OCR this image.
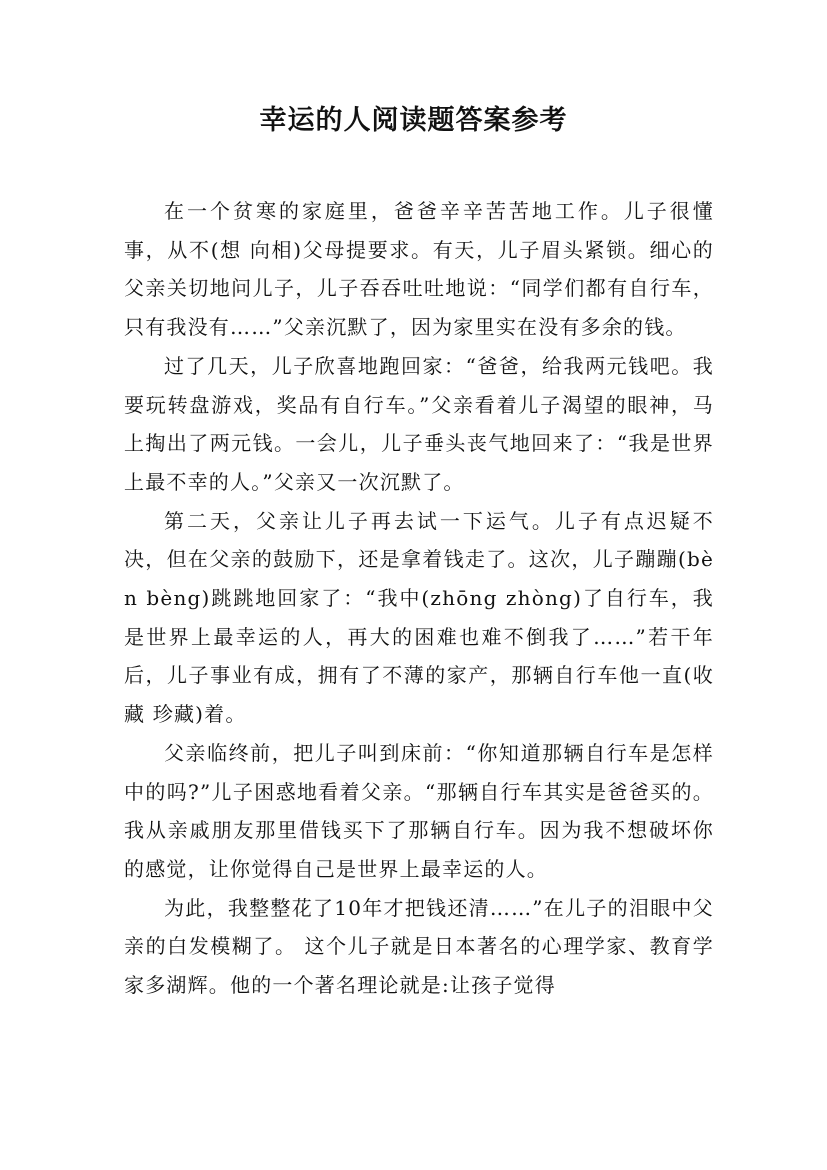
幸运的人阅读题答案参考

在一个贫寒的家庭里，爸爸辛辛苦苦地工作。儿子很懂事，从不(想 向相)父母提要求。有天，儿子眉头紧锁。细心的父亲关切地问儿子，儿子吞吞吐吐地说：“同学们都有自行车，只有我没有……”父亲沉默了，因为家里实在没有多余的钱。

过了几天，儿子欣喜地跑回家：“爸爸，给我两元钱吧。我要玩转盘游戏，奖品有自行车。”父亲看着儿子渴望的眼神，马上掏出了两元钱。一会儿，儿子垂头丧气地回来了：“我是世界上最不幸的人。”父亲又一次沉默了。

第二天，父亲让儿子再去试一下运气。儿子有点迟疑不决，但在父亲的鼓励下，还是拿着钱走了。这次，儿子蹦蹦(bèn bèng)跳跳地回家了：“我中(zhōng zhòng)了自行车，我是世界上最幸运的人，再大的困难也难不倒我了……”若干年后，儿子事业有成，拥有了不薄的家产，那辆自行车他一直(收藏 珍藏)着。

父亲临终前，把儿子叫到床前：“你知道那辆自行车是怎样中的吗?”儿子困惑地看着父亲。“那辆自行车其实是爸爸买的。我从亲戚朋友那里借钱买下了那辆自行车。因为我不想破坏你的感觉，让你觉得自己是世界上最幸运的人。

为此，我整整花了10年才把钱还清……”在儿子的泪眼中父亲的白发模糊了。 这个儿子就是日本著名的心理学家、教育学家多湖辉。他的一个著名理论就是:让孩子觉得
